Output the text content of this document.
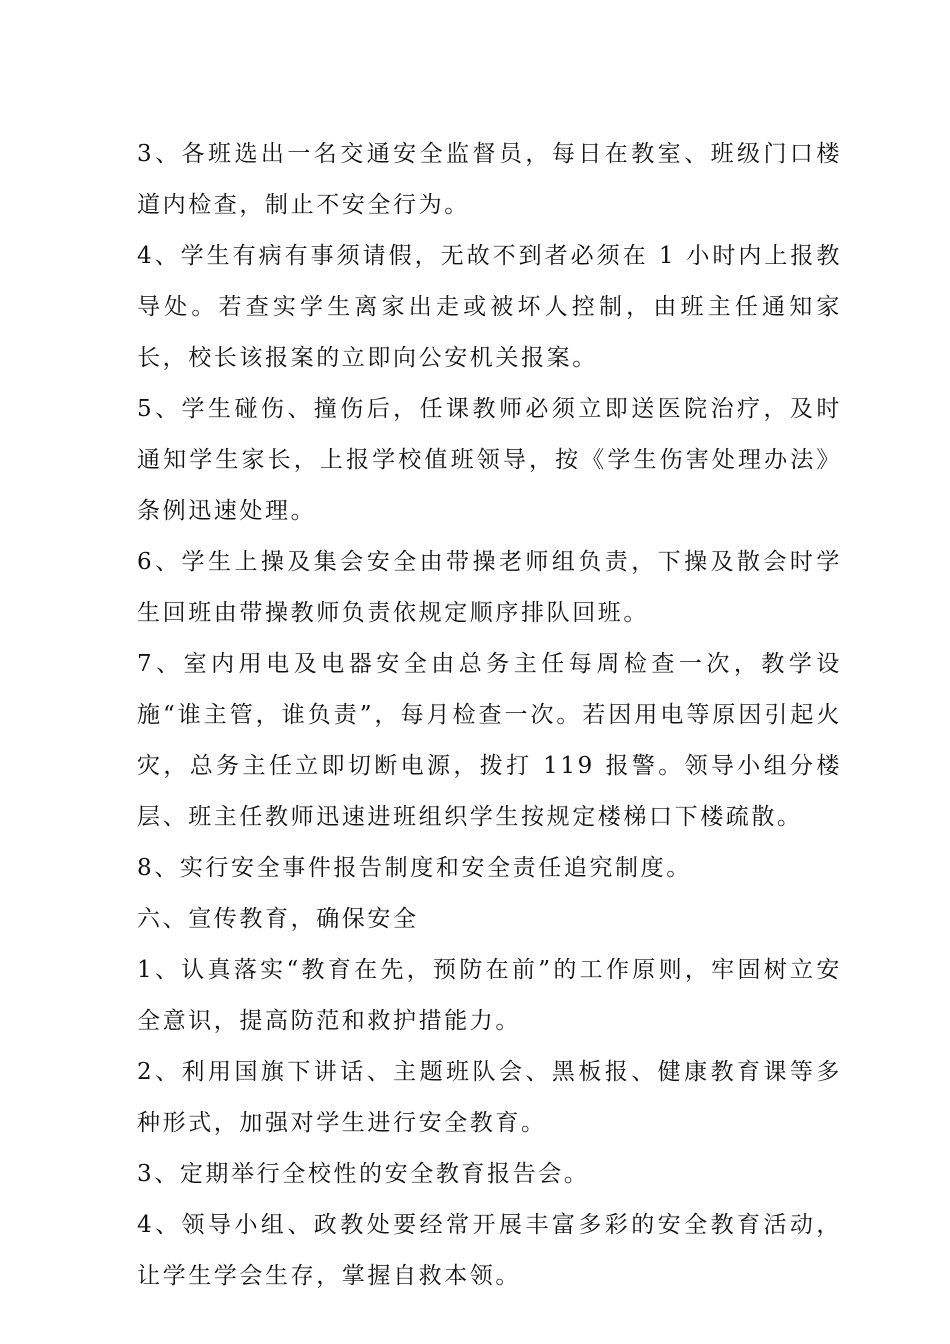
3、各班选出一名交通安全监督员，每日在教室、班级门口楼道内检查，制止不安全行为。

4、学生有病有事须请假，无故不到者必须在 1 小时内上报教导处。若查实学生离家出走或被坏人控制，由班主任通知家长，校长该报案的立即向公安机关报案。

5、学生碰伤、撞伤后，任课教师必须立即送医院治疗，及时通知学生家长，上报学校值班领导，按《学生伤害处理办法》条例迅速处理。

6、学生上操及集会安全由带操老师组负责，下操及散会时学生回班由带操教师负责依规定顺序排队回班。

7、室内用电及电器安全由总务主任每周检查一次，教学设施“谁主管，谁负责”，每月检查一次。若因用电等原因引起火灾，总务主任立即切断电源，拨打 119 报警。领导小组分楼层、班主任教师迅速进班组织学生按规定楼梯口下楼疏散。

8、实行安全事件报告制度和安全责任追究制度。

六、宣传教育，确保安全

1、认真落实“教育在先，预防在前”的工作原则，牢固树立安全意识，提高防范和救护措能力。

2、利用国旗下讲话、主题班队会、黑板报、健康教育课等多种形式，加强对学生进行安全教育。

3、定期举行全校性的安全教育报告会。

4、领导小组、政教处要经常开展丰富多彩的安全教育活动，让学生学会生存，掌握自救本领。
